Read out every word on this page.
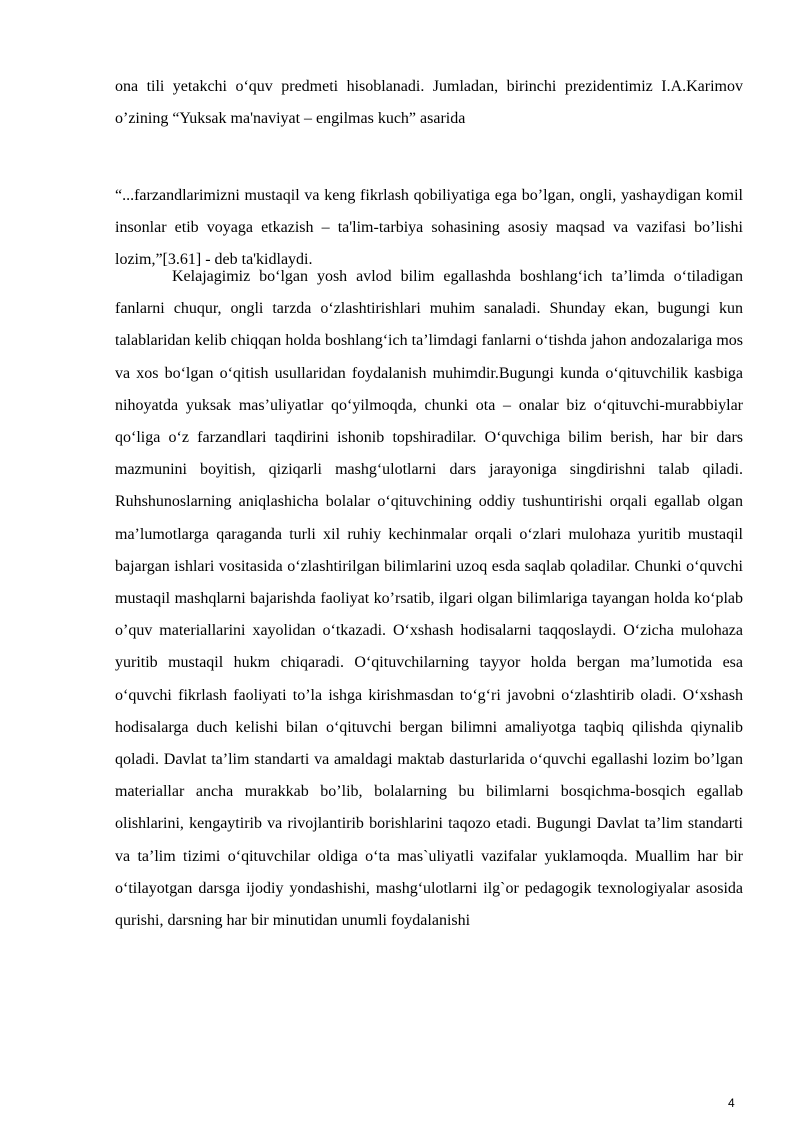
ona tili yetakchi o‘quv predmeti hisoblanadi. Jumladan, birinchi prezidentimiz I.A.Karimov o’zining “Yuksak ma'naviyat – engilmas kuch” asarida

“...farzandlarimizni mustaqil va keng fikrlash qobiliyatiga ega bo’lgan, ongli, yashaydigan komil insonlar etib voyaga etkazish – ta'lim-tarbiya sohasining asosiy maqsad va vazifasi bo’lishi lozim,”[3.61] - deb ta'kidlaydi.

Kelajagimiz bo‘lgan yosh avlod bilim egallashda boshlang‘ich ta’limda o‘tiladigan fanlarni chuqur, ongli tarzda o‘zlashtirishlari muhim sanaladi. Shunday ekan, bugungi kun talablaridan kelib chiqqan holda boshlang‘ich ta’limdagi fanlarni o‘tishda jahon andozalariga mos va xos bo‘lgan o‘qitish usullaridan foydalanish muhimdir.Bugungi kunda o‘qituvchilik kasbiga nihoyatda yuksak mas’uliyatlar qo‘yilmoqda, chunki ota – onalar biz o‘qituvchi-murabbiylar qo‘liga o‘z farzandlari taqdirini ishonib topshiradilar. O‘quvchiga bilim berish, har bir dars mazmunini boyitish, qiziqarli mashg‘ulotlarni dars jarayoniga singdirishni talab qiladi. Ruhshunoslarning aniqlashicha bolalar o‘qituvchining oddiy tushuntirishi orqali egallab olgan ma’lumotlarga qaraganda turli xil ruhiy kechinmalar orqali o‘zlari mulohaza yuritib mustaqil bajargan ishlari vositasida o‘zlashtirilgan bilimlarini uzoq esda saqlab qoladilar. Chunki o‘quvchi mustaqil mashqlarni bajarishda faoliyat ko’rsatib, ilgari olgan bilimlariga tayangan holda ko‘plab o’quv materiallarini xayolidan o‘tkazadi. O‘xshash hodisalarni taqqoslaydi. O‘zicha mulohaza yuritib mustaqil hukm chiqaradi. O‘qituvchilarning tayyor holda bergan ma’lumotida esa o‘quvchi fikrlash faoliyati to’la ishga kirishmasdan to‘g‘ri javobni o‘zlashtirib oladi. O‘xshash hodisalarga duch kelishi bilan o‘qituvchi bergan bilimni amaliyotga taqbiq qilishda qiynalib qoladi. Davlat ta’lim standarti va amaldagi maktab dasturlarida o‘quvchi egallashi lozim bo’lgan materiallar ancha murakkab bo’lib, bolalarning bu bilimlarni bosqichma-bosqich egallab olishlarini, kengaytirib va rivojlantirib borishlarini taqozo etadi. Bugungi Davlat ta’lim standarti va ta’lim tizimi o‘qituvchilar oldiga o‘ta mas`uliyatli vazifalar yuklamoqda. Muallim har bir o‘tilayotgan darsga ijodiy yondashishi, mashg‘ulotlarni ilg`or pedagogik texnologiyalar asosida qurishi, darsning har bir minutidan unumli foydalanishi

4
